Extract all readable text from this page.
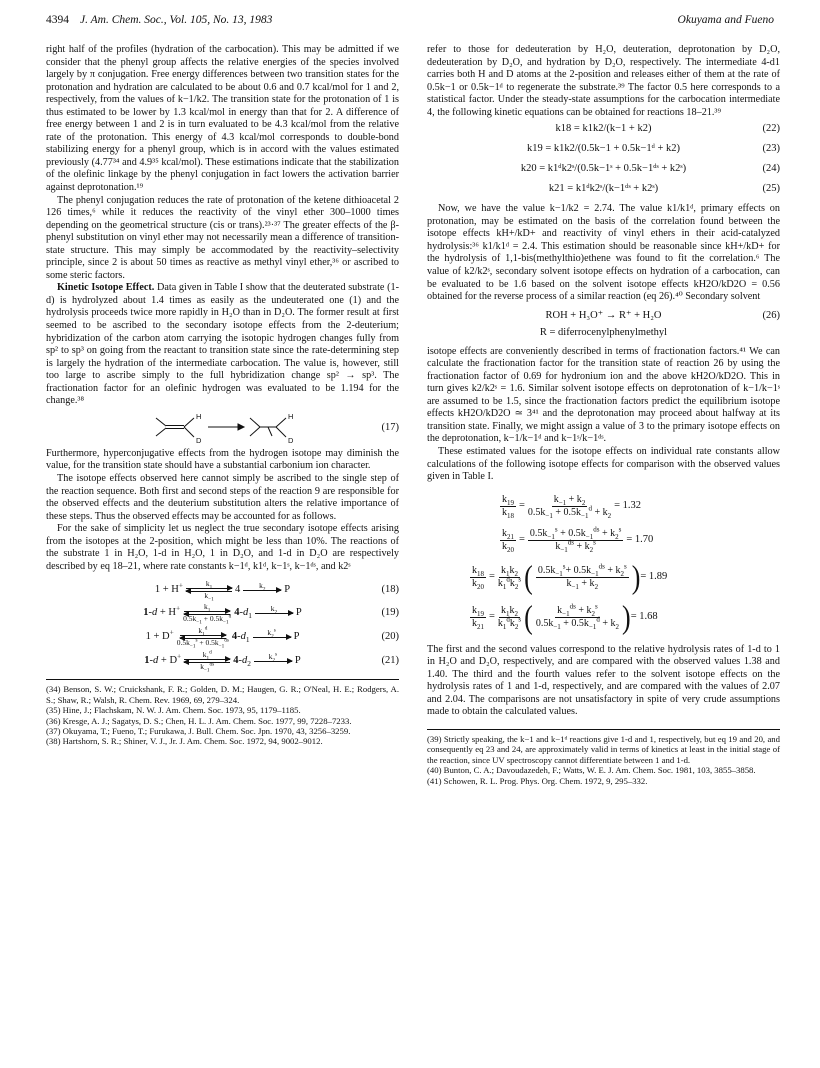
4394 J. Am. Chem. Soc., Vol. 105, No. 13, 1983	Okuyama and Fueno

right half of the profiles (hydration of the carbocation). This may be admitted if we consider that the phenyl group affects the relative energies of the species involved largely by π conjugation. Free energy differences between two transition states for the protonation and hydration are calculated to be about 0.6 and 0.7 kcal/mol for 1 and 2, respectively, from the values of k−1/k2. The transition state for the protonation of 1 is thus estimated to be lower by 1.3 kcal/mol in energy than that for 2. A difference of free energy between 1 and 2 is in turn evaluated to be 4.3 kcal/mol from the relative rate of the protonation. This energy of 4.3 kcal/mol corresponds to double-bond stabilizing energy for a phenyl group, which is in accord with the values estimated previously (4.77³⁴ and 4.9³⁵ kcal/mol). These estimations indicate that the stabilization of the olefinic linkage by the phenyl conjugation in fact lowers the activation barrier against deprotonation.¹⁹

The phenyl conjugation reduces the rate of protonation of the ketene dithioacetal 2 126 times,⁶ while it reduces the reactivity of the vinyl ether 300–1000 times depending on the geometrical structure (cis or trans).²³·³⁷ The greater effects of the β-phenyl substitution on vinyl ether may not necessarily mean a difference of transition-state structure. This may simply be accommodated by the reactivity–selectivity principle, since 2 is about 50 times as reactive as methyl vinyl ether,³⁶ or ascribed to some steric factors.

Kinetic Isotope Effect. Data given in Table I show that the deuterated substrate (1-d) is hydrolyzed about 1.4 times as easily as the undeuterated one (1) and the hydrolysis proceeds twice more rapidly in H₂O than in D₂O. The former result at first seemed to be ascribed to the secondary isotope effects from the 2-deuterium; hybridization of the carbon atom carrying the isotopic hydrogen changes fully from sp² to sp³ on going from the reactant to transition state since the rate-determining step is largely the hydration of the intermediate carbocation. The value is, however, still too large to ascribe simply to the full hybridization change sp² → sp³. The fractionation factor for an olefinic hydrogen was evaluated to be 1.194 for the change.³⁸

H
D
H
D
(17)

Furthermore, hyperconjugative effects from the hydrogen isotope may diminish the value, for the transition state should have a substantial carbonium ion character.

The isotope effects observed here cannot simply be ascribed to the single step of the reaction sequence. Both first and second steps of the reaction 9 are responsible for the observed effects and the deuterium substitution alters the relative importance of these steps. Thus the observed effects may be accounted for as follows.

For the sake of simplicity let us neglect the true secondary isotope effects arising from the isotopes at the 2-position, which might be less than 10%. The reactions of the substrate 1 in H₂O, 1-d in H₂O, 1 in D₂O, and 1-d in D₂O are respectively described by eq 18–21, where rate constants k−1ᵈ, k1ᵈ, k−1ˢ, k−1ᵈˢ, and k2ˢ

1 + H+	$k_1$
$k_{-1}$
4	$k_2$
P	(18)
1-d + H+	$k_1$
$0.5k_{-1} + 0.5k_{-1}^d$ $4-d_1$
$k_2$
P	(19)
1 + D+	$k_1^d$
$0.5k_{-1}^s + 0.5k_{-1}^{ds}$ $4-d_1$
$k_2^s$

P	(20)
1-d + D+	$k_1^d$
$k_{-1}^{ds}$ $4-d_2$
$k_2^s$

P	(21)

(34) Benson, S. W.; Cruickshank, F. R.; Golden, D. M.; Haugen, G. R.; O'Neal, H. E.; Rodgers, A. S.; Shaw, R.; Walsh, R. Chem. Rev. 1969, 69, 279–324.

(35) Hine, J.; Flachskam, N. W. J. Am. Chem. Soc. 1973, 95, 1179–1185.

(36) Kresge, A. J.; Sagatys, D. S.; Chen, H. L. J. Am. Chem. Soc. 1977, 99, 7228–7233.

(37) Okuyama, T.; Fueno, T.; Furukawa, J. Bull. Chem. Soc. Jpn. 1970, 43, 3256–3259.

(38) Hartshorn, S. R.; Shiner, V. J., Jr. J. Am. Chem. Soc. 1972, 94, 9002–9012.

refer to those for dedeuteration by H₂O, deuteration, deprotonation by D₂O, dedeuteration by D₂O, and hydration by D₂O, respectively. The intermediate 4-d1 carries both H and D atoms at the 2-position and releases either of them at the rate of 0.5k−1 or 0.5k−1ᵈ to regenerate the substrate.³⁹ The factor 0.5 here corresponds to a statistical factor. Under the steady-state assumptions for the carbocation intermediate 4, the following kinetic equations can be obtained for reactions 18–21.³⁹

k18 = k1k2/(k−1 + k2)	(22)
k19 = k1k2/(0.5k−1 + 0.5k−1ᵈ + k2)	(23)
k20 = k1ᵈk2ˢ/(0.5k−1ˢ + 0.5k−1ᵈˢ + k2ˢ)	(24)
k21 = k1ᵈk2ˢ/(k−1ᵈˢ + k2ˢ)	(25)

Now, we have the value k−1/k2 = 2.74. The value k1/k1ᵈ, primary effects on protonation, may be estimated on the basis of the correlation found between the isotope effects kH+/kD+ and reactivity of vinyl ethers in their acid-catalyzed hydrolysis:³⁶ k1/k1ᵈ = 2.4. This estimation should be reasonable since kH+/kD+ for the hydrolysis of 1,1-bis(methylthio)ethene was found to fit the correlation.⁶ The value of k2/k2ˢ, secondary solvent isotope effects on hydration of a carbocation, can be evaluated to be 1.6 based on the solvent isotope effects kH2O/kD2O = 0.56 obtained for the reverse process of a similar reaction (eq 26).⁴⁰ Secondary solvent

ROH + H₃O⁺ → R⁺ + H₂O	(26)
R = diferrocenylphenylmethyl

isotope effects are conveniently described in terms of fractionation factors.⁴¹ We can calculate the fractionation factor for the transition state of reaction 26 by using the fractionation factor of 0.69 for hydronium ion and the above kH2O/kD2O. This in turn gives k2/k2ˢ = 1.6. Similar solvent isotope effects on deprotonation of k−1/k−1ˢ are assumed to be 1.5, since the fractionation factors predict the equilibrium isotope effects kH2O/kD2O ≃ 3⁴¹ and the deprotonation may proceed about halfway at its transition state. Finally, we might assign a value of 3 to the primary isotope effects on the deprotonation, k−1/k−1ᵈ and k−1ˢ/k−1ᵈˢ.

These estimated values for the isotope effects on individual rate constants allow calculations of the following isotope effects for comparison with the observed values given in Table I.

$k_{19}$
$k_{18}$
= $\frac{k_{-1} + k_2}{0.5k_{-1} + 0.5k_{-1}^d + k_2} = 1.32$
$k_{21}$
$k_{20}$
= $\frac{0.5k_{-1}^s + 0.5k_{-1}^{ds} + k_2^s}{k_{-1}^{ds} + k_2^s} = 1.70$
$k_{18}$
$k_{20}$
=
$k_1k_2$
$k_1^dk_2^s$ ( $0.5k_{-1}^s+ 0.5k_{-1}^{ds} + k_2^s$
$k_{-1} + k_2$ ) = 1.89
$k_{19}$
$k_{21}$
=
$k_1k_2$
$k_1^dk_2^s$ ( $k_{-1}^{ds} + k_2^s$
$0.5k_{-1} + 0.5k_{-1}^d + k_2$ ) = 1.68

The first and the second values correspond to the relative hydrolysis rates of 1-d to 1 in H₂O and D₂O, respectively, and are compared with the observed values 1.38 and 1.40. The third and the fourth values refer to the solvent isotope effects on the hydrolysis rates of 1 and 1-d, respectively, and are compared with the values of 2.07 and 2.04. The comparisons are not unsatisfactory in spite of very crude assumptions made to obtain the calculated values.

(39) Strictly speaking, the k−1 and k−1ᵈ reactions give 1-d and 1, respectively, but eq 19 and 20, and consequently eq 23 and 24, are approximately valid in terms of kinetics at least in the initial stage of the reaction, since UV spectroscopy cannot differentiate between 1 and 1-d.

(40) Bunton, C. A.; Davoudazedeh, F.; Watts, W. E. J. Am. Chem. Soc. 1981, 103, 3855–3858.

(41) Schowen, R. L. Prog. Phys. Org. Chem. 1972, 9, 295–332.
